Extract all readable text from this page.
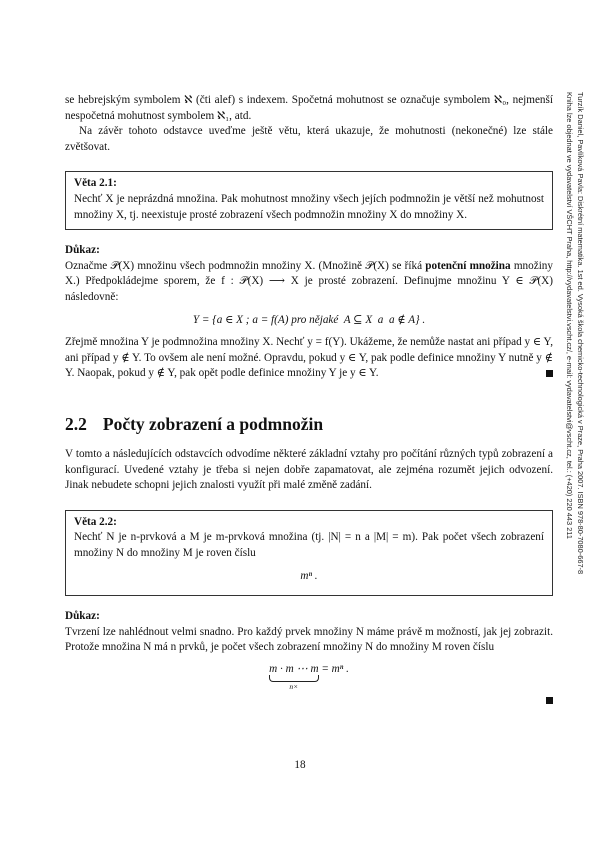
se hebrejským symbolem ℵ (čti alef) s indexem. Spočetná mohutnost se označuje symbolem ℵ₀, nejmenší nespočetná mohutnost symbolem ℵ₁, atd.

Na závěr tohoto odstavce uveďme ještě větu, která ukazuje, že mohutnosti (nekonečné) lze stále zvětšovat.

Věta 2.1:

Nechť X je neprázdná množina. Pak mohutnost množiny všech jejích podmnožin je větší než mohutnost množiny X, tj. neexistuje prosté zobrazení všech podmnožin množiny X do množiny X.

Důkaz:

Označme 𝒫(X) množinu všech podmnožin množiny X. (Množině 𝒫(X) se říká potenční množina množiny X.) Předpokládejme sporem, že f : 𝒫(X) ⟶ X je prosté zobrazení. Definujme množinu Y ∈ 𝒫(X) následovně:

Y = {a ∈ X ; a = f(A) pro nějaké  A ⊆ X  a  a ∉ A} .

Zřejmě množina Y je podmnožina množiny X. Nechť y = f(Y). Ukážeme, že nemůže nastat ani případ y ∈ Y, ani případ y ∉ Y. To ovšem ale není možné. Opravdu, pokud y ∈ Y, pak podle definice množiny Y nutně y ∉ Y. Naopak, pokud y ∉ Y, pak opět podle definice množiny Y je y ∈ Y.

2.2 Počty zobrazení a podmnožin

V tomto a následujících odstavcích odvodíme některé základní vztahy pro počítání různých typů zobrazení a konfigurací. Uvedené vztahy je třeba si nejen dobře zapamatovat, ale zejména rozumět jejich odvození. Jinak nebudete schopni jejich znalosti využít při malé změně zadání.

Věta 2.2:

Nechť N je n-prvková a M je m-prvková množina (tj. |N| = n a |M| = m). Pak počet všech zobrazení množiny N do množiny M je roven číslu

mⁿ .
Důkaz:

Tvrzení lze nahlédnout velmi snadno. Pro každý prvek množiny N máme právě m možností, jak jej zobrazit. Protože množina N má n prvků, je počet všech zobrazení množiny N do množiny M roven číslu

m · m ⋯ m
n×
= mⁿ .
18
Turzík Daniel, Pavlíková Pavla: Diskrétní matematika. 1st ed. Vysoká škola chemicko-technologická v Praze, Praha 2007. ISBN 978-80-7080-667-8
Kniha lze objednat ve vydavatelství VŠCHT Praha, http://vydavatelstvi.vscht.cz/, e-mail: vydavatelstvi@vscht.cz, tel.: (+420) 220 443 211
